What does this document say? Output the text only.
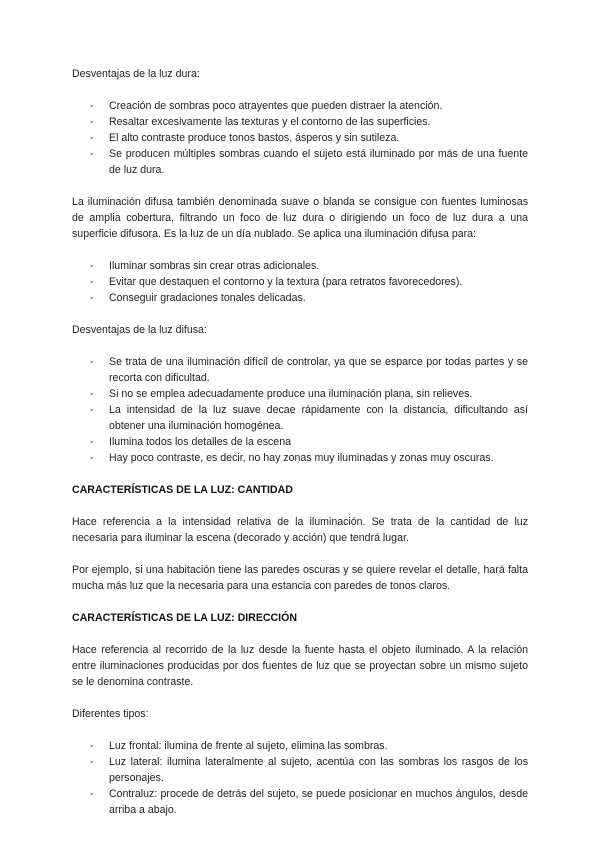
Desventajas de la luz dura:

- Creación de sombras poco atrayentes que pueden distraer la atención.
- Resaltar excesivamente las texturas y el contorno de las superficies.
- El alto contraste produce tonos bastos, ásperos y sin sutileza.
- Se producen múltiples sombras cuando el sujeto está iluminado por más de una fuente de luz dura.

La iluminación difusa también denominada suave o blanda se consigue con fuentes luminosas de amplia cobertura, filtrando un foco de luz dura o dirigiendo un foco de luz dura a una superficie difusora. Es la luz de un día nublado. Se aplica una iluminación difusa para:

- Iluminar sombras sin crear otras adicionales.
- Evitar que destaquen el contorno y la textura (para retratos favorecedores).
- Conseguir gradaciones tonales delicadas.

Desventajas de la luz difusa:

- Se trata de una iluminación difícil de controlar, ya que se esparce por todas partes y se recorta con dificultad.
- Si no se emplea adecuadamente produce una iluminación plana, sin relieves.
- La intensidad de la luz suave decae rápidamente con la distancia, dificultando así obtener una iluminación homogénea.
- Ilumina todos los detalles de la escena
- Hay poco contraste, es decir, no hay zonas muy iluminadas y zonas muy oscuras.
CARACTERÍSTICAS DE LA LUZ: CANTIDAD

Hace referencia a la intensidad relativa de la iluminación. Se trata de la cantidad de luz necesaria para iluminar la escena (decorado y acción) que tendrá lugar.

Por ejemplo, si una habitación tiene las paredes oscuras y se quiere revelar el detalle, hará falta mucha más luz que la necesaria para una estancia con paredes de tonos claros.

CARACTERÍSTICAS DE LA LUZ: DIRECCIÓN

Hace referencia al recorrido de la luz desde la fuente hasta el objeto iluminado. A la relación entre iluminaciones producidas por dos fuentes de luz que se proyectan sobre un mismo sujeto se le denomina contraste.

Diferentes tipos:

- Luz frontal: ilumina de frente al sujeto, elimina las sombras.
- Luz lateral: ilumina lateralmente al sujeto, acentúa con las sombras los rasgos de los personajes.
- Contraluz: procede de detrás del sujeto, se puede posicionar en muchos ángulos, desde arriba a abajo.
